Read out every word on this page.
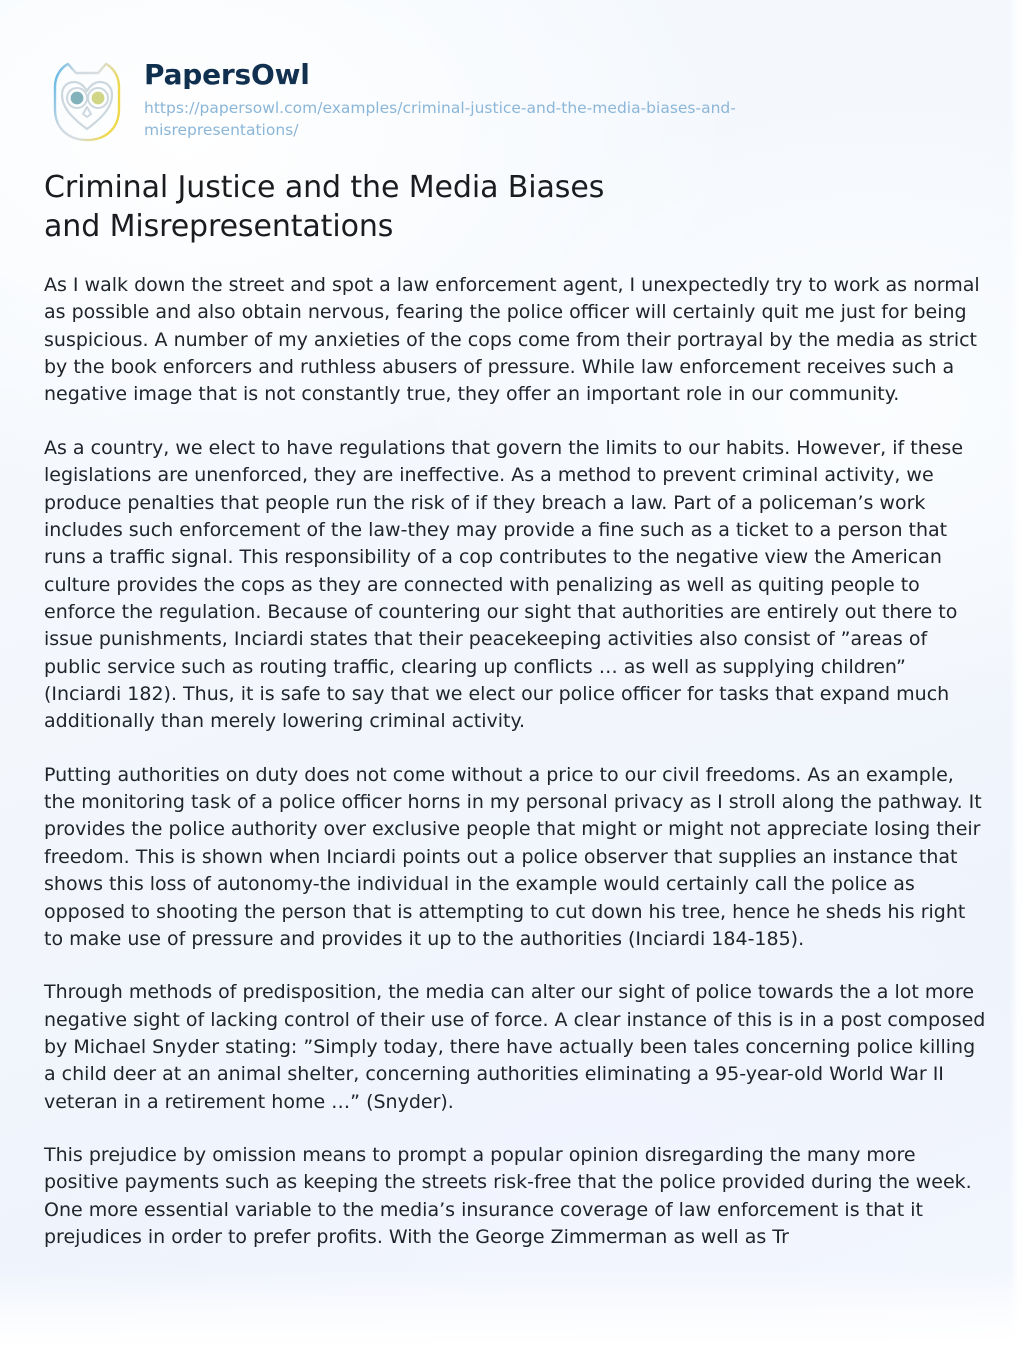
PapersOwl
https://papersowl.com/examples/criminal-justice-and-the-media-biases-and-misrepresentations/
Criminal Justice and the Media Biases and Misrepresentations

As I walk down the street and spot a law enforcement agent, I unexpectedly try to work as normal as possible and also obtain nervous, fearing the police officer will certainly quit me just for being suspicious. A number of my anxieties of the cops come from their portrayal by the media as strict by the book enforcers and ruthless abusers of pressure. While law enforcement receives such a negative image that is not constantly true, they offer an important role in our community.

As a country, we elect to have regulations that govern the limits to our habits. However, if these legislations are unenforced, they are ineffective. As a method to prevent criminal activity, we produce penalties that people run the risk of if they breach a law. Part of a policeman’s work includes such enforcement of the law-they may provide a fine such as a ticket to a person that runs a traffic signal. This responsibility of a cop contributes to the negative view the American culture provides the cops as they are connected with penalizing as well as quiting people to enforce the regulation. Because of countering our sight that authorities are entirely out there to issue punishments, Inciardi states that their peacekeeping activities also consist of ”areas of public service such as routing traffic, clearing up conflicts … as well as supplying children” (Inciardi 182). Thus, it is safe to say that we elect our police officer for tasks that expand much additionally than merely lowering criminal activity.

Putting authorities on duty does not come without a price to our civil freedoms. As an example, the monitoring task of a police officer horns in my personal privacy as I stroll along the pathway. It provides the police authority over exclusive people that might or might not appreciate losing their freedom. This is shown when Inciardi points out a police observer that supplies an instance that shows this loss of autonomy-the individual in the example would certainly call the police as opposed to shooting the person that is attempting to cut down his tree, hence he sheds his right to make use of pressure and provides it up to the authorities (Inciardi 184-185).

Through methods of predisposition, the media can alter our sight of police towards the a lot more negative sight of lacking control of their use of force. A clear instance of this is in a post composed by Michael Snyder stating: ”Simply today, there have actually been tales concerning police killing a child deer at an animal shelter, concerning authorities eliminating a 95-year-old World War II veteran in a retirement home …” (Snyder).

This prejudice by omission means to prompt a popular opinion disregarding the many more positive payments such as keeping the streets risk-free that the police provided during the week. One more essential variable to the media’s insurance coverage of law enforcement is that it prejudices in order to prefer profits. With the George Zimmerman as well as Tr
